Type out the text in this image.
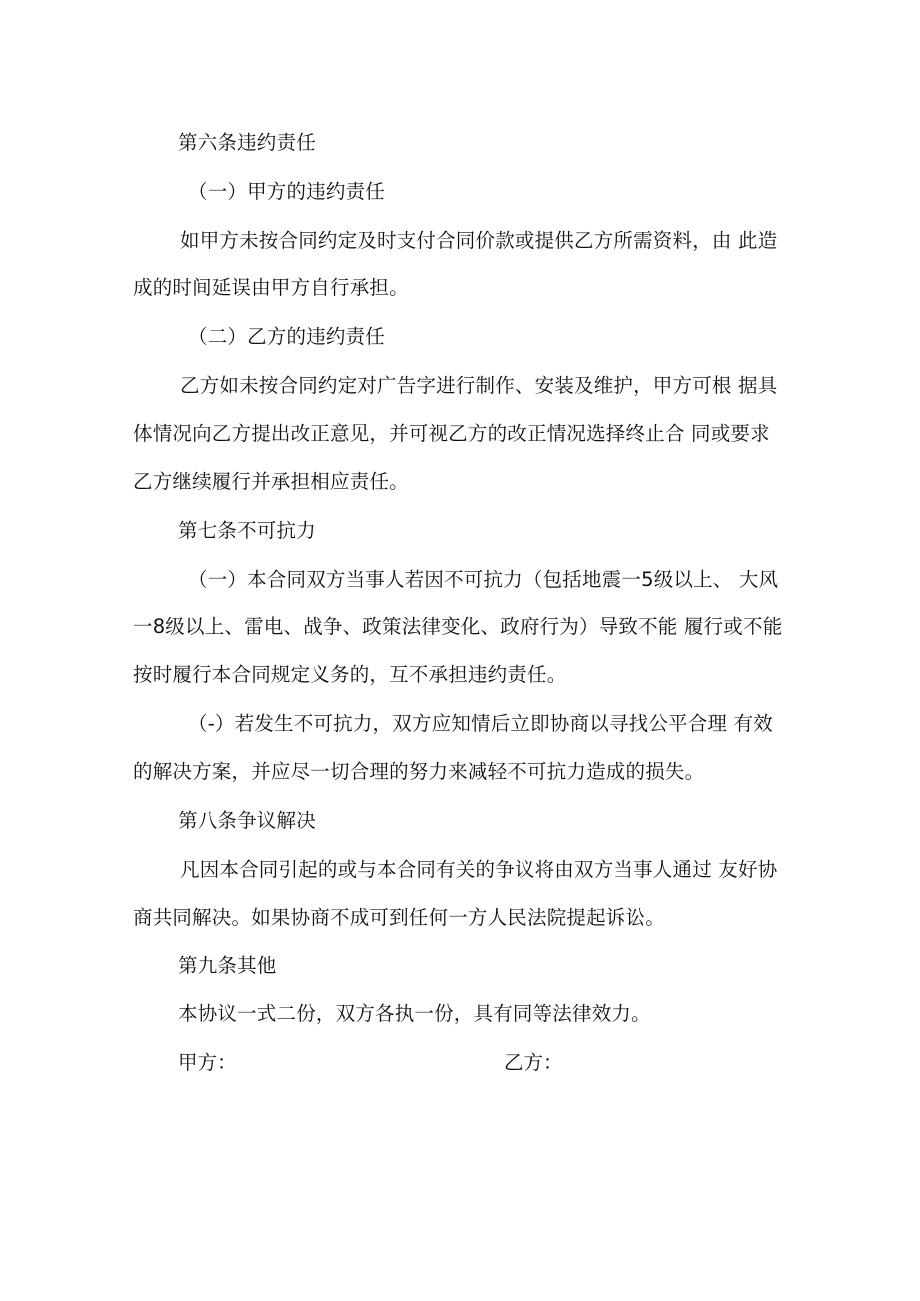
第六条违约责任
（一）甲方的违约责任
如甲方未按合同约定及时支付合同价款或提供乙方所需资料，由 此造
成的时间延误由甲方自行承担。
（二）乙方的违约责任
乙方如未按合同约定对广告字进行制作、安装及维护，甲方可根 据具
体情况向乙方提出改正意见，并可视乙方的改正情况选择终止合 同或要求
乙方继续履行并承担相应责任。
第七条不可抗力
（一）本合同双方当事人若因不可抗力（包括地震一5级以上、 大风
一8级以上、雷电、战争、政策法律变化、政府行为）导致不能 履行或不能
按时履行本合同规定义务的，互不承担违约责任。
（-）若发生不可抗力，双方应知情后立即协商以寻找公平合理 有效
的解决方案，并应尽一切合理的努力来减轻不可抗力造成的损失。
第八条争议解决
凡因本合同引起的或与本合同有关的争议将由双方当事人通过 友好协
商共同解决。如果协商不成可到任何一方人民法院提起诉讼。
第九条其他
本协议一式二份，双方各执一份，具有同等法律效力。
甲方：	乙方：
